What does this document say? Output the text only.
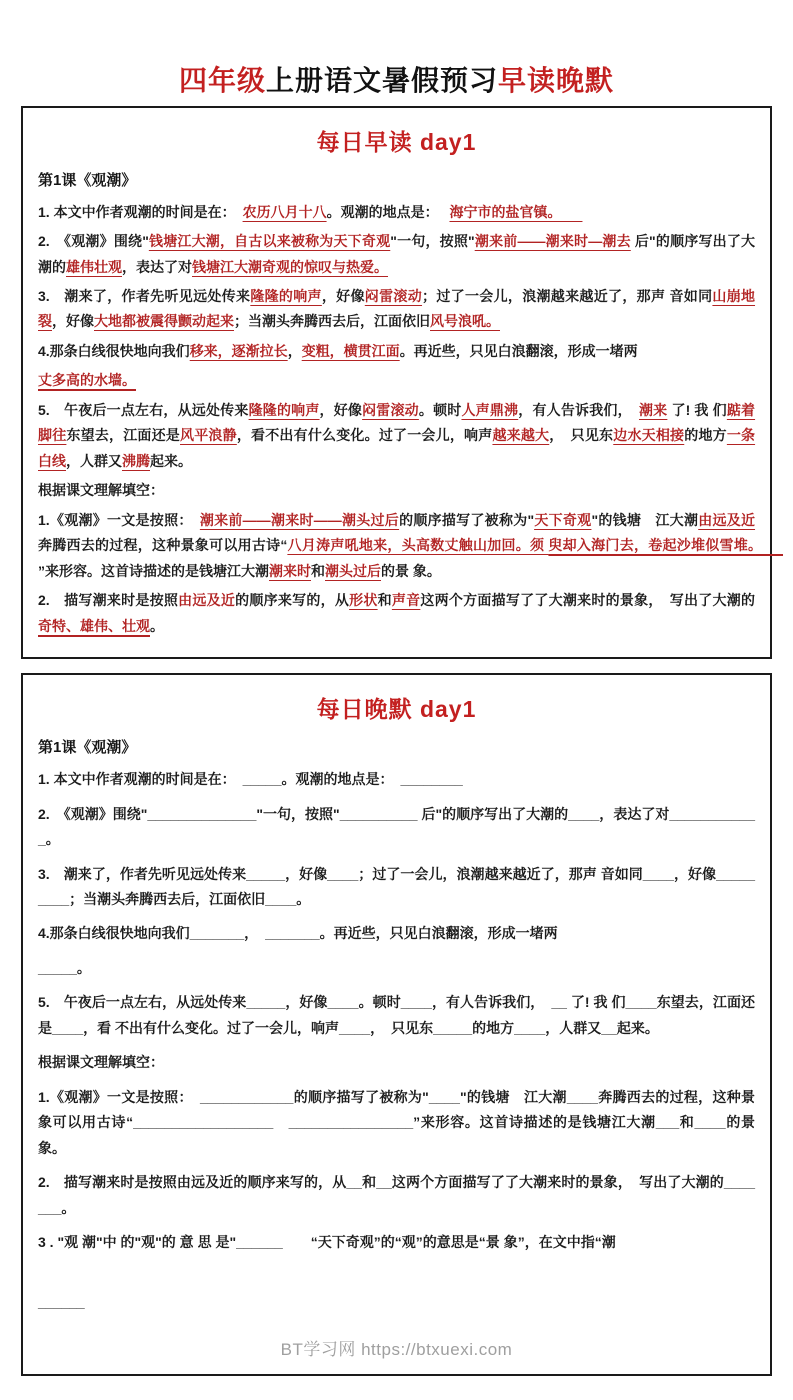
四年级上册语文暑假预习早读晚默
每日早读 day1
第1课《观潮》
1. 本文中作者观潮的时间是在：　农历八月十八。观潮的地点是：　 海宁市的盐官镇。　　
2.　《观潮》围绕"钱塘江大潮，自古以来被称为天下奇观"一句，按照"潮来前——潮来时—潮去 后"的顺序写出了大潮的雄伟壮观，表达了对钱塘江大潮奇观的惊叹与热爱。
3.　潮来了，作者先听见远处传来隆隆的响声，好像闷雷滚动；过了一会儿，浪潮越来越近了，那声 音如同山崩地裂，好像大地都被震得颤动起来；当潮头奔腾西去后，江面依旧风号浪吼。
4.那条白线很快地向我们移来，逐渐拉长，变粗，横贯江面。再近些，只见白浪翻滚，形成一堵两
丈多高的水墙。
5.　午夜后一点左右，从远处传来隆隆的响声，好像闷雷滚动。顿时人声鼎沸，有人告诉我们，　潮来 了! 我 们踮着脚往东望去，江面还是风平浪静，看不出有什么变化。过了一会儿，响声越来越大，　只见东边水天相接的地方一条白线，人群又沸腾起来。
根据课文理解填空：
1.《观潮》一文是按照：　潮来前——潮来时——潮头过后的顺序描写了被称为"天下奇观"的钱塘　江大潮由远及近奔腾西去的过程，这种景象可以用古诗“八月涛声吼地来，头高数丈触山加回。须 臾却入海门去，卷起沙堆似雪堆。　　”来形容。这首诗描述的是钱塘江大潮潮来时和潮头过后的景 象。
2.　描写潮来时是按照由远及近的顺序来写的，从形状和声音这两个方面描写了了大潮来时的景象，　写出了大潮的奇特、雄伟、壮观。
每日晚默 day1
第1课《观潮》
1. 本文中作者观潮的时间是在：　_____。观潮的地点是：　________
2.　《观潮》围绕"______________"一句，按照"__________ 后"的顺序写出了大潮的____，表达了对____________。
3.　潮来了，作者先听见远处传来_____，好像____；过了一会儿，浪潮越来越近了，那声 音如同____，好像_________；当潮头奔腾西去后，江面依旧____。
4.那条白线很快地向我们_______，　_______。再近些，只见白浪翻滚，形成一堵两
_____。
5.　午夜后一点左右，从远处传来_____，好像____。顿时____，有人告诉我们，　__ 了! 我 们____东望去，江面还是____，看 不出有什么变化。过了一会儿，响声____，　只见东_____的地方____，人群又__起来。
根据课文理解填空：
1.《观潮》一文是按照：　____________的顺序描写了被称为"____"的钱塘　江大潮____奔腾西去的过程，这种景象可以用古诗“__________________　________________”来形容。这首诗描述的是钱塘江大潮___和____的景 象。
2.　描写潮来时是按照由远及近的顺序来写的，从__和__这两个方面描写了了大潮来时的景象，　写出了大潮的_______。
3 . "观 潮"中 的"观"的 意 思 是"______　　“天下奇观”的“观”的意思是“景 象”，在文中指“潮
______
BT学习网 https://btxuexi.com
